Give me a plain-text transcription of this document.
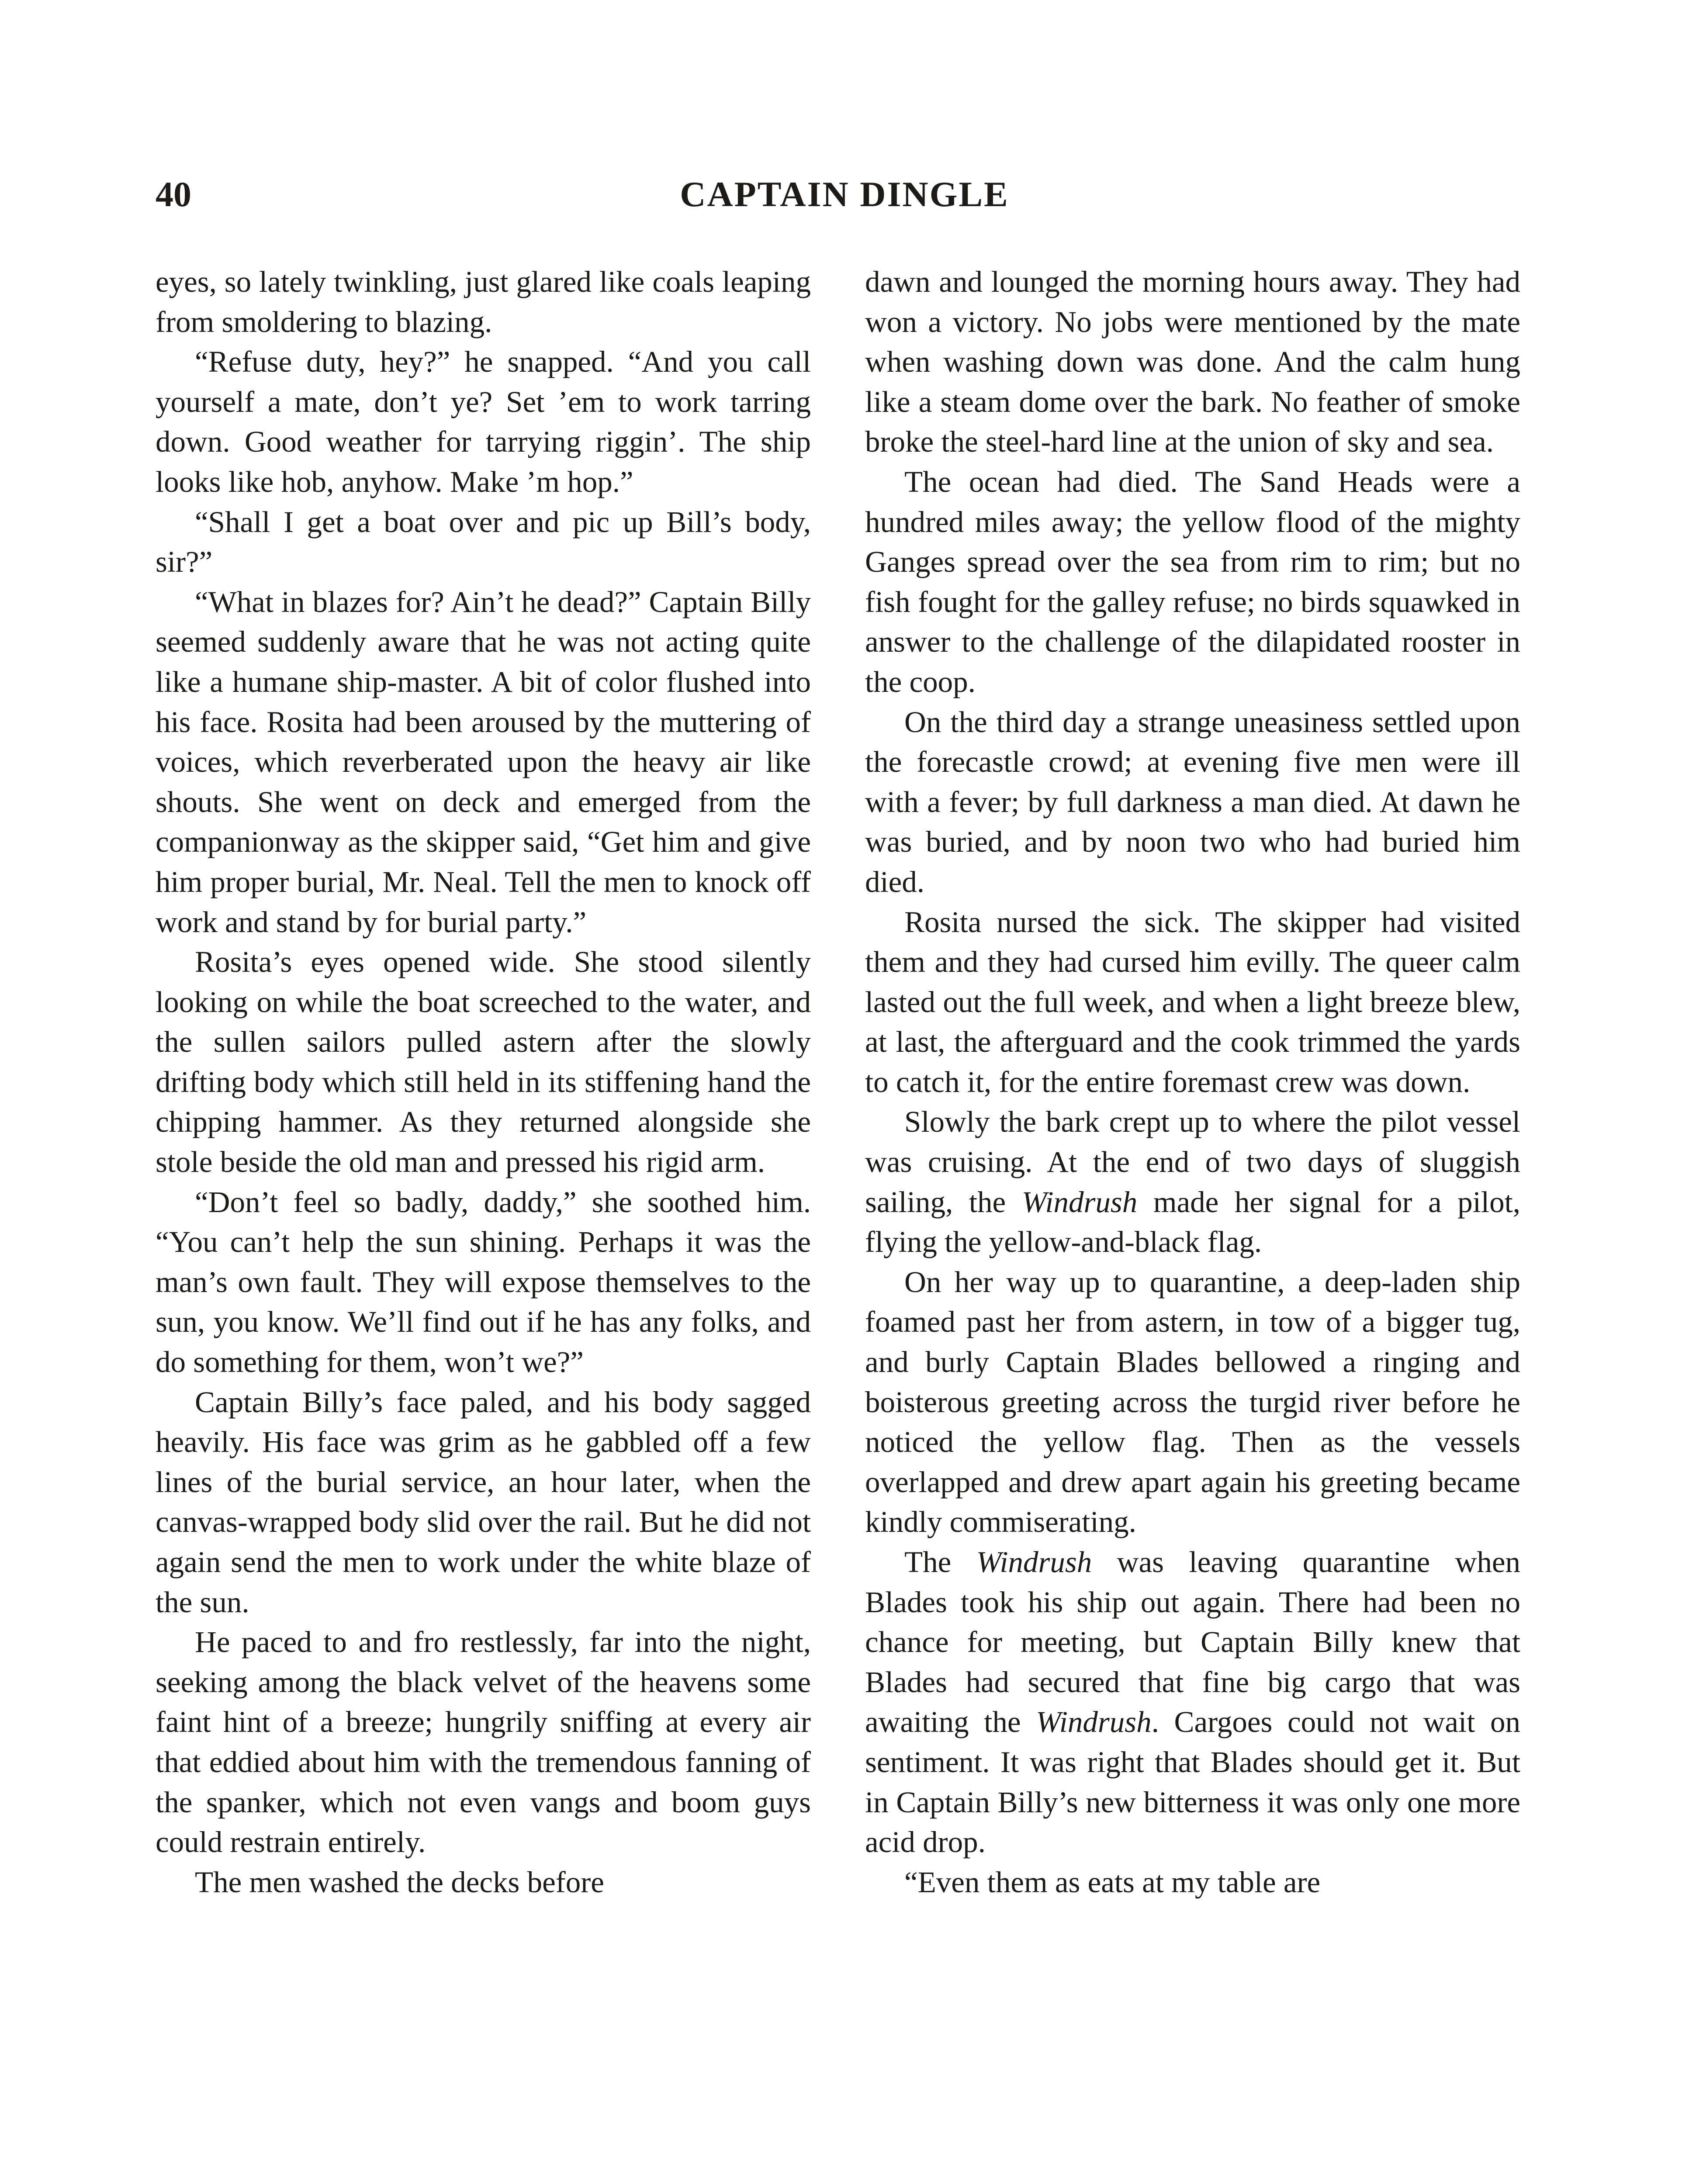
40	CAPTAIN DINGLE

eyes, so lately twinkling, just glared like coals leaping from smoldering to blazing.

“Refuse duty, hey?” he snapped. “And you call yourself a mate, don’t ye? Set ’em to work tarring down. Good weather for tarrying riggin’. The ship looks like hob, anyhow. Make ’m hop.”

“Shall I get a boat over and pic up Bill’s body, sir?”

“What in blazes for? Ain’t he dead?” Captain Billy seemed suddenly aware that he was not acting quite like a humane ship-master. A bit of color flushed into his face. Rosita had been aroused by the muttering of voices, which reverberated upon the heavy air like shouts. She went on deck and emerged from the companionway as the skipper said, “Get him and give him proper burial, Mr. Neal. Tell the men to knock off work and stand by for burial party.”

Rosita’s eyes opened wide. She stood silently looking on while the boat screeched to the water, and the sullen sailors pulled astern after the slowly drifting body which still held in its stiffening hand the chipping hammer. As they returned alongside she stole beside the old man and pressed his rigid arm.

“Don’t feel so badly, daddy,” she soothed him. “You can’t help the sun shining. Perhaps it was the man’s own fault. They will expose themselves to the sun, you know. We’ll find out if he has any folks, and do something for them, won’t we?”

Captain Billy’s face paled, and his body sagged heavily. His face was grim as he gabbled off a few lines of the burial service, an hour later, when the canvas-wrapped body slid over the rail. But he did not again send the men to work under the white blaze of the sun.

He paced to and fro restlessly, far into the night, seeking among the black velvet of the heavens some faint hint of a breeze; hungrily sniffing at every air that eddied about him with the tremendous fanning of the spanker, which not even vangs and boom guys could restrain entirely.

The men washed the decks before

dawn and lounged the morning hours away. They had won a victory. No jobs were mentioned by the mate when washing down was done. And the calm hung like a steam dome over the bark. No feather of smoke broke the steel-hard line at the union of sky and sea.

The ocean had died. The Sand Heads were a hundred miles away; the yellow flood of the mighty Ganges spread over the sea from rim to rim; but no fish fought for the galley refuse; no birds squawked in answer to the challenge of the dilapidated rooster in the coop.

On the third day a strange uneasiness settled upon the forecastle crowd; at evening five men were ill with a fever; by full darkness a man died. At dawn he was buried, and by noon two who had buried him died.

Rosita nursed the sick. The skipper had visited them and they had cursed him evilly. The queer calm lasted out the full week, and when a light breeze blew, at last, the afterguard and the cook trimmed the yards to catch it, for the entire foremast crew was down.

Slowly the bark crept up to where the pilot vessel was cruising. At the end of two days of sluggish sailing, the Windrush made her signal for a pilot, flying the yellow-and-black flag.

On her way up to quarantine, a deep-laden ship foamed past her from astern, in tow of a bigger tug, and burly Captain Blades bellowed a ringing and boisterous greeting across the turgid river before he noticed the yellow flag. Then as the vessels overlapped and drew apart again his greeting became kindly commiserating.

The Windrush was leaving quarantine when Blades took his ship out again. There had been no chance for meeting, but Captain Billy knew that Blades had secured that fine big cargo that was awaiting the Windrush. Cargoes could not wait on sentiment. It was right that Blades should get it. But in Captain Billy’s new bitterness it was only one more acid drop.

“Even them as eats at my table are
